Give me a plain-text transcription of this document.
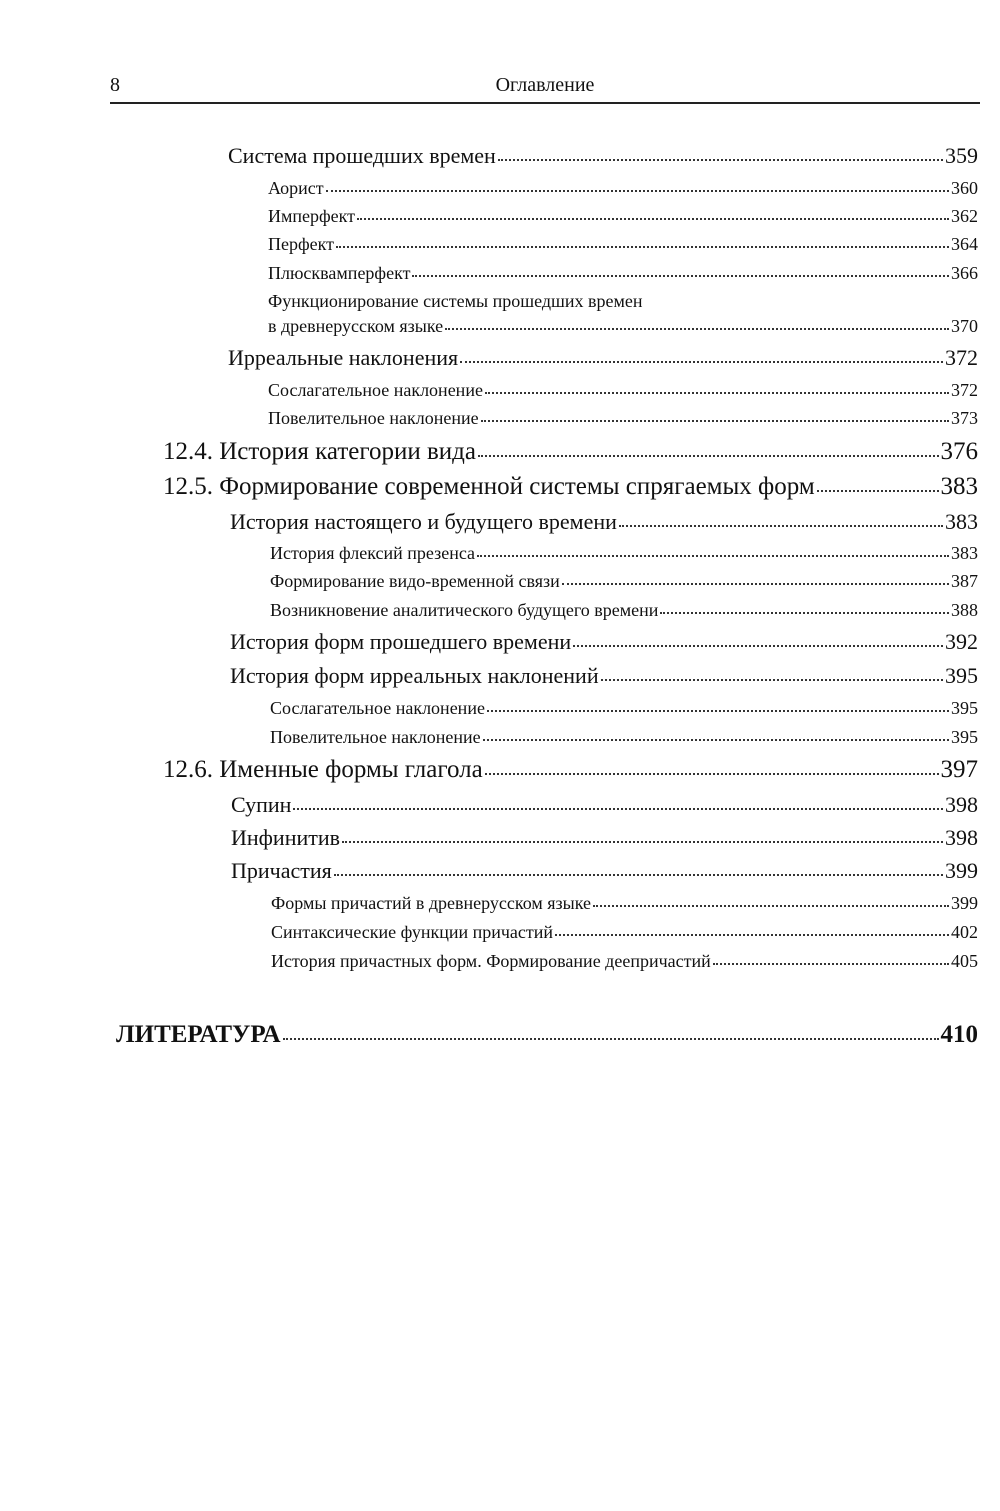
8	Оглавление
Система прошедших времен	359
Аорист	360
Имперфект	362
Перфект	364
Плюсквамперфект	366
Функционирование системы прошедших времен
в древнерусском языке	370
Ирреальные наклонения	372
Сослагательное наклонение	372
Повелительное наклонение	373
12.4. История категории вида	376
12.5. Формирование современной системы спрягаемых форм	383
История настоящего и будущего времени	383
История флексий презенса	383
Формирование видо-временной связи	387
Возникновение аналитического будущего времени	388
История форм прошедшего времени	392
История форм ирреальных наклонений	395
Сослагательное наклонение	395
Повелительное наклонение	395
12.6. Именные формы глагола	397
Супин	398
Инфинитив	398
Причастия	399
Формы причастий в древнерусском языке	399
Синтаксические функции причастий	402
История причастных форм. Формирование деепричастий	405
ЛИТЕРАТУРА	410
